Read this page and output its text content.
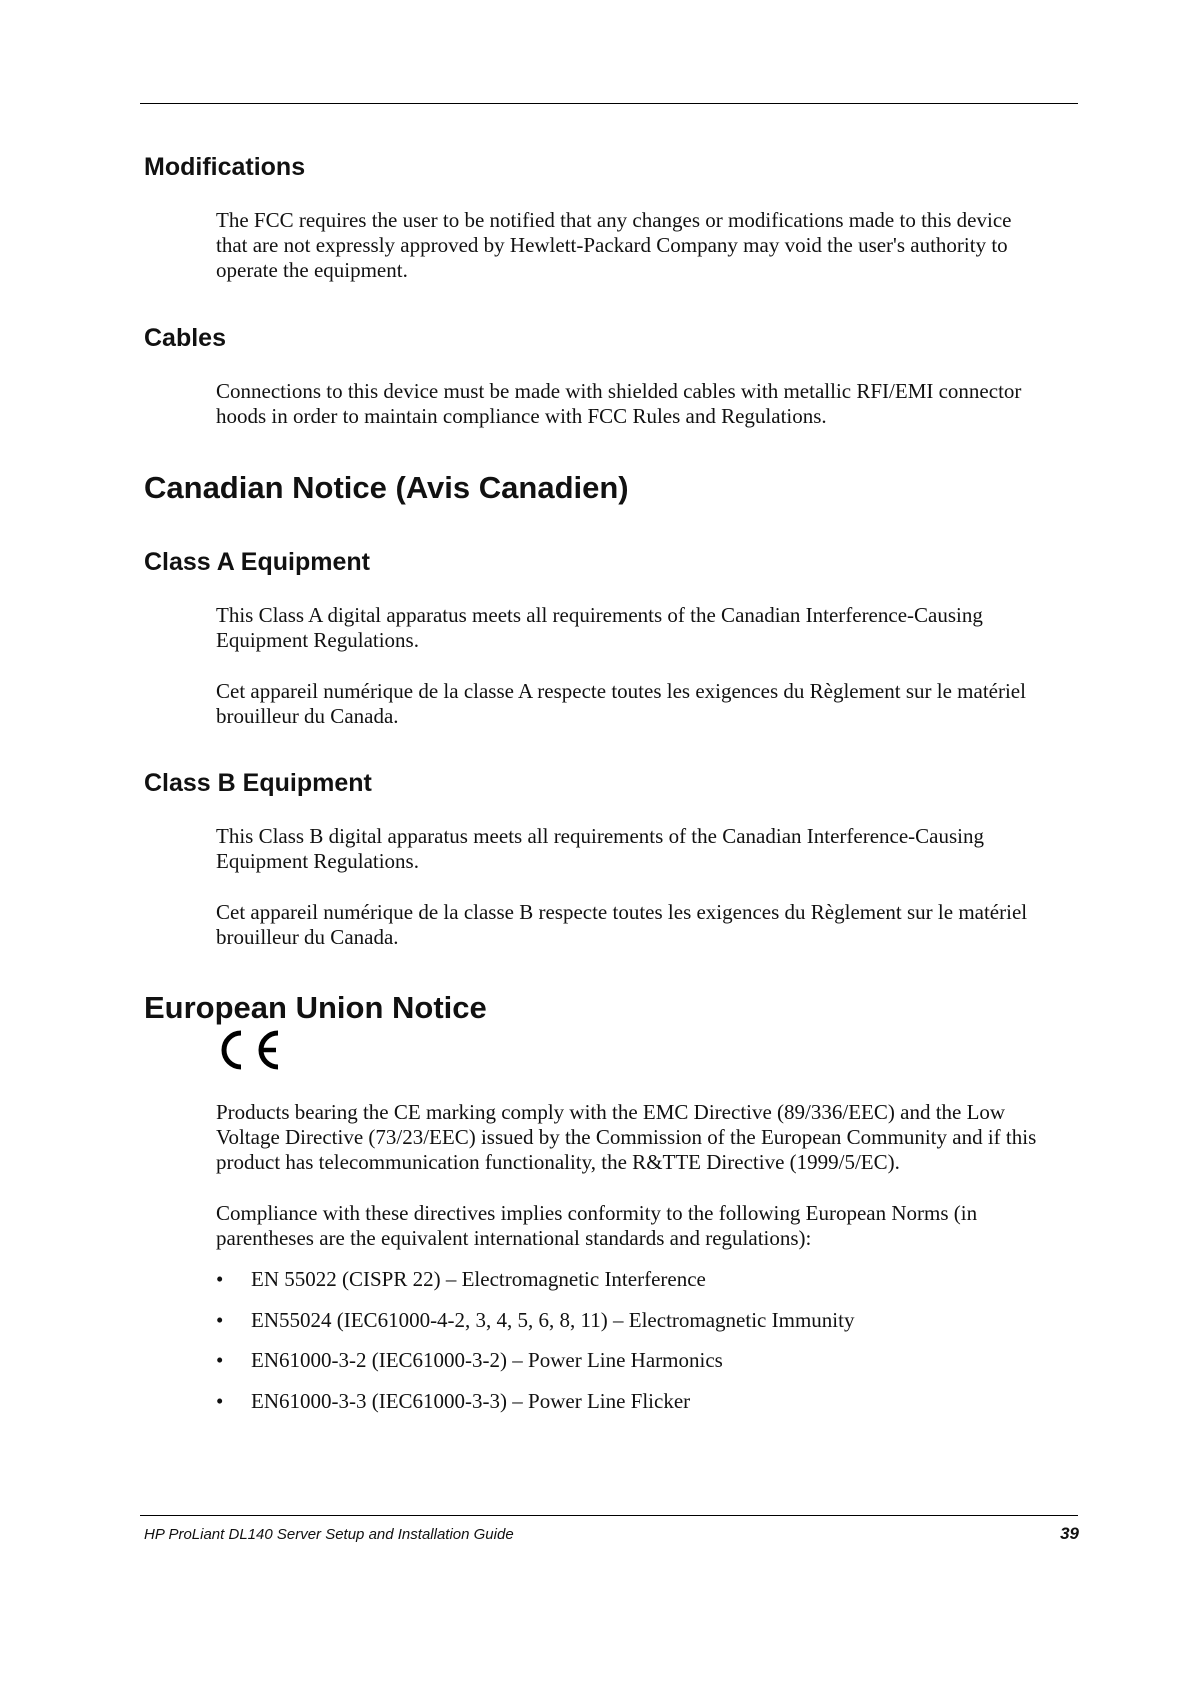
Modifications

The FCC requires the user to be notified that any changes or modifications made to this device
that are not expressly approved by Hewlett-Packard Company may void the user's authority to
operate the equipment.

Cables

Connections to this device must be made with shielded cables with metallic RFI/EMI connector
hoods in order to maintain compliance with FCC Rules and Regulations.

Canadian Notice (Avis Canadien)
Class A Equipment

This Class A digital apparatus meets all requirements of the Canadian Interference-Causing
Equipment Regulations.

Cet appareil numérique de la classe A respecte toutes les exigences du Règlement sur le matériel
brouilleur du Canada.

Class B Equipment

This Class B digital apparatus meets all requirements of the Canadian Interference-Causing
Equipment Regulations.

Cet appareil numérique de la classe B respecte toutes les exigences du Règlement sur le matériel
brouilleur du Canada.

European Union Notice

Products bearing the CE marking comply with the EMC Directive (89/336/EEC) and the Low
Voltage Directive (73/23/EEC) issued by the Commission of the European Community and if this
product has telecommunication functionality, the R&TTE Directive (1999/5/EC).

Compliance with these directives implies conformity to the following European Norms (in
parentheses are the equivalent international standards and regulations):

• EN 55022 (CISPR 22) – Electromagnetic Interference
• EN55024 (IEC61000-4-2, 3, 4, 5, 6, 8, 11) – Electromagnetic Immunity
• EN61000-3-2 (IEC61000-3-2) – Power Line Harmonics
• EN61000-3-3 (IEC61000-3-3) – Power Line Flicker
HP ProLiant DL140 Server Setup and Installation Guide	39
